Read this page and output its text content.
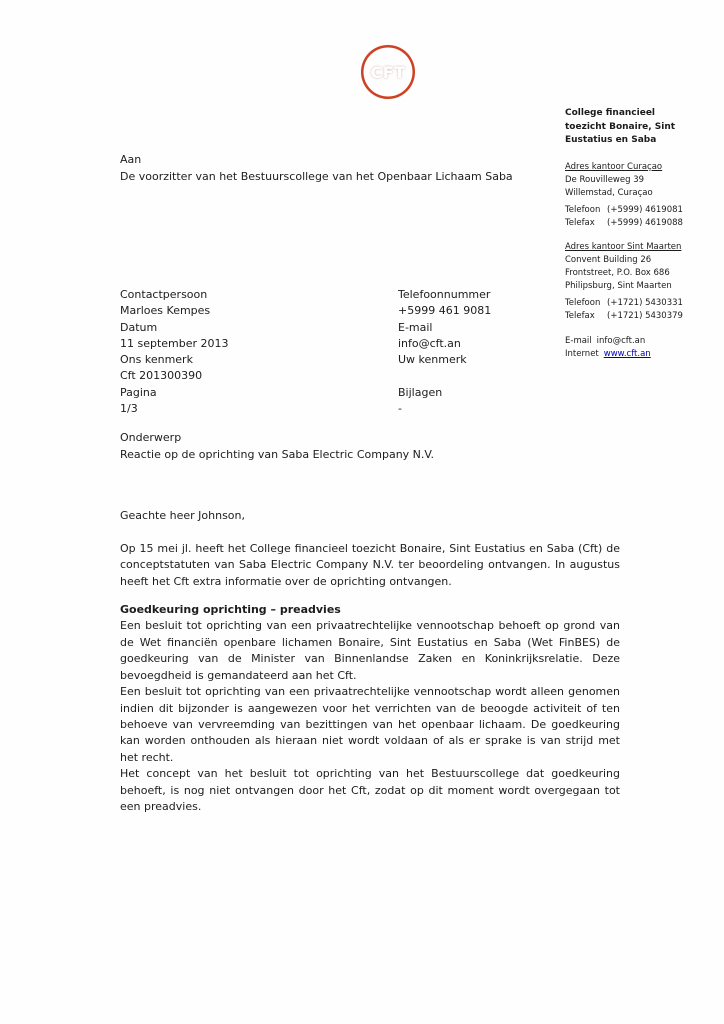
CFT
College financieel toezicht Bonaire, Sint Eustatius en Saba
Adres kantoor Curaçao
De Rouvilleweg 39
Willemstad, Curaçao
Telefoon (+5999) 4619081
Telefax	(+5999) 4619088
Adres kantoor Sint Maarten
Convent Building 26
Frontstreet, P.O. Box 686
Philipsburg, Sint Maarten
Telefoon (+1721) 5430331
Telefax	(+1721) 5430379
E-mail info@cft.an
Internet www.cft.an
Aan
De voorzitter van het Bestuurscollege van het Openbaar Lichaam Saba
Contactpersoon
Marloes Kempes
Datum
11 september 2013
Ons kenmerk
Cft 201300390
Pagina
1/3
Telefoonnummer
+5999 461 9081
E-mail
info@cft.an
Uw kenmerk
Bijlagen
-
Onderwerp
Reactie op de oprichting van Saba Electric Company N.V.

Geachte heer Johnson,

Op 15 mei jl. heeft het College financieel toezicht Bonaire, Sint Eustatius en Saba (Cft) de conceptstatuten van Saba Electric Company N.V. ter beoordeling ontvangen. In augustus heeft het Cft extra informatie over de oprichting ontvangen.

Goedkeuring oprichting – preadvies

Een besluit tot oprichting van een privaatrechtelijke vennootschap behoeft op grond van de Wet financiën openbare lichamen Bonaire, Sint Eustatius en Saba (Wet FinBES) de goedkeuring van de Minister van Binnenlandse Zaken en Koninkrijksrelatie. Deze bevoegdheid is gemandateerd aan het Cft.

Een besluit tot oprichting van een privaatrechtelijke vennootschap wordt alleen genomen indien dit bijzonder is aangewezen voor het verrichten van de beoogde activiteit of ten behoeve van vervreemding van bezittingen van het openbaar lichaam. De goedkeuring kan worden onthouden als hieraan niet wordt voldaan of als er sprake is van strijd met het recht.

Het concept van het besluit tot oprichting van het Bestuurscollege dat goedkeuring behoeft, is nog niet ontvangen door het Cft, zodat op dit moment wordt overgegaan tot een preadvies.
